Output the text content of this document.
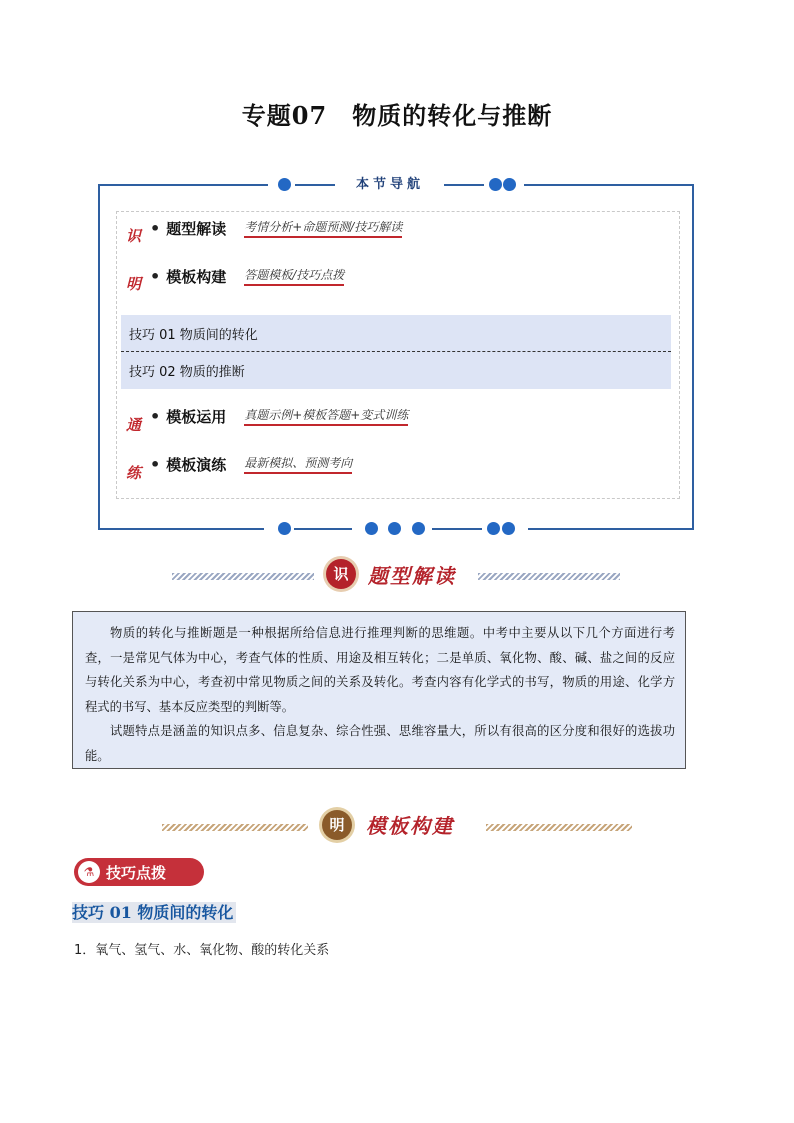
专题07　物质的转化与推断
本节导航
识
明
通
练
• 题型解读	考情分析+命题预测/技巧解读
• 模板构建	答题模板/技巧点拨
技巧 01 物质间的转化
技巧 02 物质的推断
• 模板运用	真题示例+模板答题+变式训练
• 模板演练	最新模拟、预测考向
识 题型解读

物质的转化与推断题是一种根据所给信息进行推理判断的思维题。中考中主要从以下几个方面进行考查，一是常见气体为中心，考查气体的性质、用途及相互转化；二是单质、氧化物、酸、碱、盐之间的反应与转化关系为中心，考查初中常见物质之间的关系及转化。考查内容有化学式的书写，物质的用途、化学方程式的书写、基本反应类型的判断等。

试题特点是涵盖的知识点多、信息复杂、综合性强、思维容量大，所以有很高的区分度和很好的选拔功能。

明	模板构建
⚗ 技巧点拨
技巧 01 物质间的转化
1．氧气、氢气、水、氧化物、酸的转化关系
